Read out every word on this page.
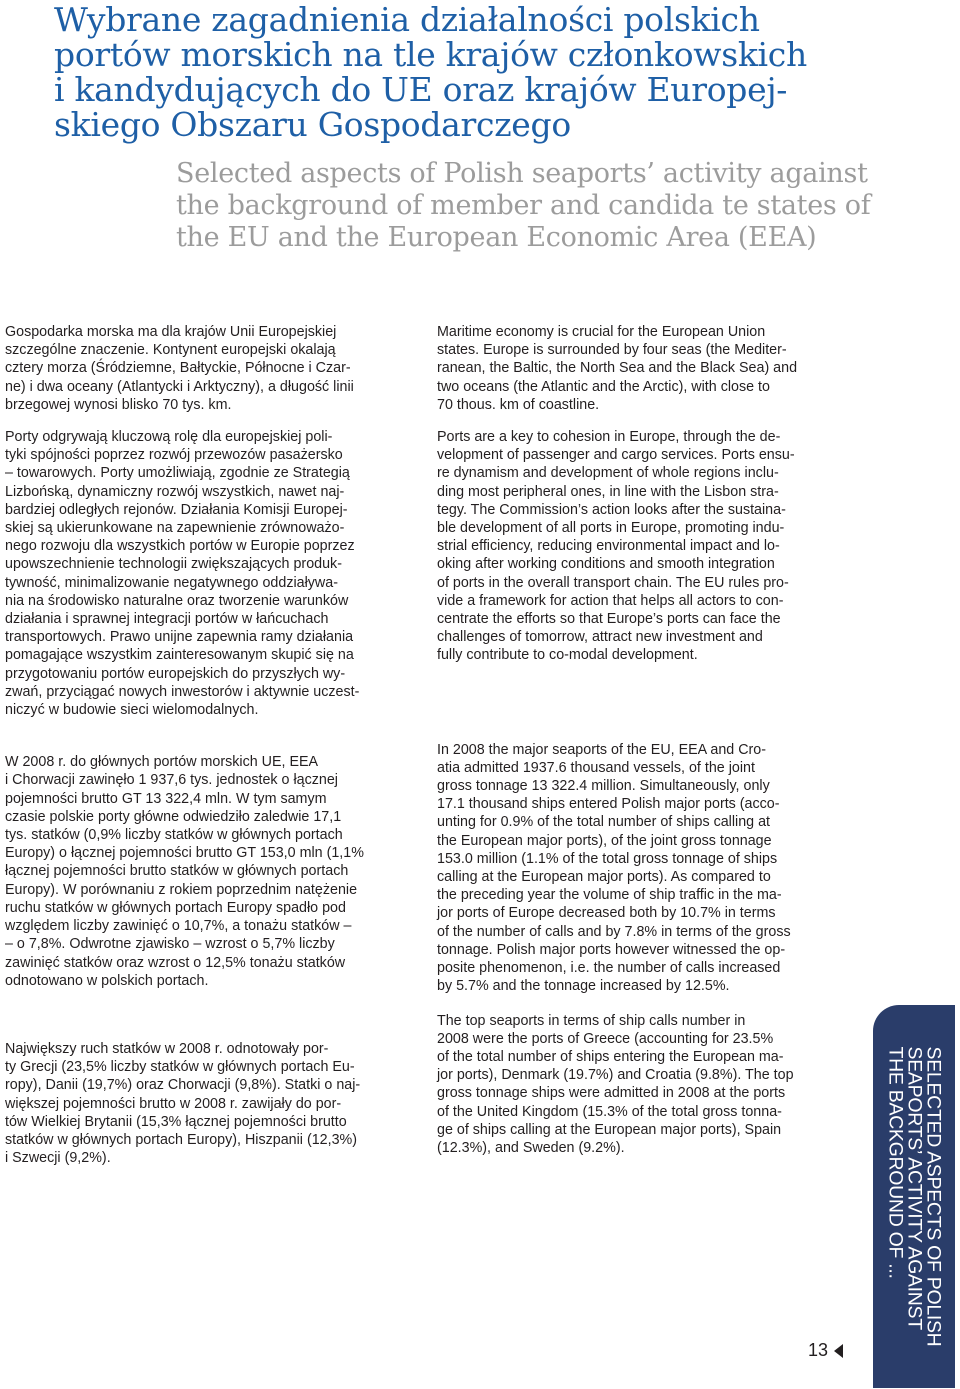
Wybrane zagadnienia działalności polskich
portów morskich na tle krajów członkowskich
i kandydujących do UE oraz krajów Europej-
skiego Obszaru Gospodarczego
Selected aspects of Polish seaports’ activity against
the background of member and candida te states of
the EU and the European Economic Area (EEA)

Gospodarka morska ma dla krajów Unii Europejskiej
szczególne znaczenie. Kontynent europejski okalają
cztery morza (Śródziemne, Bałtyckie, Północne i Czar-
ne) i dwa oceany (Atlantycki i Arktyczny), a długość linii
brzegowej wynosi blisko 70 tys. km.

Porty odgrywają kluczową rolę dla europejskiej poli-
tyki spójności poprzez rozwój przewozów pasażersko
– towarowych. Porty umożliwiają, zgodnie ze Strategią
Lizbońską, dynamiczny rozwój wszystkich, nawet naj-
bardziej odległych rejonów. Działania Komisji Europej-
skiej są ukierunkowane na zapewnienie zrównoważo-
nego rozwoju dla wszystkich portów w Europie poprzez
upowszechnienie technologii zwiększających produk-
tywność, minimalizowanie negatywnego oddziaływa-
nia na środowisko naturalne oraz tworzenie warunków
działania i sprawnej integracji portów w łańcuchach
transportowych. Prawo unijne zapewnia ramy działania
pomagające wszystkim zainteresowanym skupić się na
przygotowaniu portów europejskich do przyszłych wy-
zwań, przyciągać nowych inwestorów i aktywnie uczest-
niczyć w budowie sieci wielomodalnych.

W 2008 r. do głównych portów morskich UE, EEA
i Chorwacji zawinęło 1 937,6 tys. jednostek o łącznej
pojemności brutto GT 13 322,4 mln. W tym samym
czasie polskie porty główne odwiedziło zaledwie 17,1
tys. statków (0,9% liczby statków w głównych portach
Europy) o łącznej pojemności brutto GT 153,0 mln (1,1%
łącznej pojemności brutto statków w głównych portach
Europy). W porównaniu z rokiem poprzednim natężenie
ruchu statków w głównych portach Europy spadło pod
względem liczby zawinięć o 10,7%, a tonażu statków –
– o 7,8%. Odwrotne zjawisko – wzrost o 5,7% liczby
zawinięć statków oraz wzrost o 12,5% tonażu statków
odnotowano w polskich portach.

Największy ruch statków w 2008 r. odnotowały por-
ty Grecji (23,5% liczby statków w głównych portach Eu-
ropy), Danii (19,7%) oraz Chorwacji (9,8%). Statki o naj-
większej pojemności brutto w 2008 r. zawijały do por-
tów Wielkiej Brytanii (15,3% łącznej pojemności brutto
statków w głównych portach Europy), Hiszpanii (12,3%)
i Szwecji (9,2%).

Maritime economy is crucial for the European Union
states. Europe is surrounded by four seas (the Mediter-
ranean, the Baltic, the North Sea and the Black Sea) and
two oceans (the Atlantic and the Arctic), with close to
70 thous. km of coastline.

Ports are a key to cohesion in Europe, through the de-
velopment of passenger and cargo services. Ports ensu-
re dynamism and development of whole regions inclu-
ding most peripheral ones, in line with the Lisbon stra-
tegy. The Commission’s action looks after the sustaina-
ble development of all ports in Europe, promoting indu-
strial efficiency, reducing environmental impact and lo-
oking after working conditions and smooth integration
of ports in the overall transport chain. The EU rules pro-
vide a framework for action that helps all actors to con-
centrate the efforts so that Europe’s ports can face the
challenges of tomorrow, attract new investment and
fully contribute to co-modal development.

In 2008 the major seaports of the EU, EEA and Cro-
atia admitted 1937.6 thousand vessels, of the joint
gross tonnage 13 322.4 million. Simultaneously, only
17.1 thousand ships entered Polish major ports (acco-
unting for 0.9% of the total number of ships calling at
the European major ports), of the joint gross tonnage
153.0 million (1.1% of the total gross tonnage of ships
calling at the European major ports). As compared to
the preceding year the volume of ship traffic in the ma-
jor ports of Europe decreased both by 10.7% in terms
of the number of calls and by 7.8% in terms of the gross
tonnage. Polish major ports however witnessed the op-
posite phenomenon, i.e. the number of calls increased
by 5.7% and the tonnage increased by 12.5%.

The top seaports in terms of ship calls number in
2008 were the ports of Greece (accounting for 23.5%
of the total number of ships entering the European ma-
jor ports), Denmark (19.7%) and Croatia (9.8%). The top
gross tonnage ships were admitted in 2008 at the ports
of the United Kingdom (15.3% of the total gross tonna-
ge of ships calling at the European major ports), Spain
(12.3%), and Sweden (9.2%).	SELECTED ASPECTS OF POLISH
SEAPORTS’ ACTIVITY AGAINST
THE BACKGROUND OF ...
13
